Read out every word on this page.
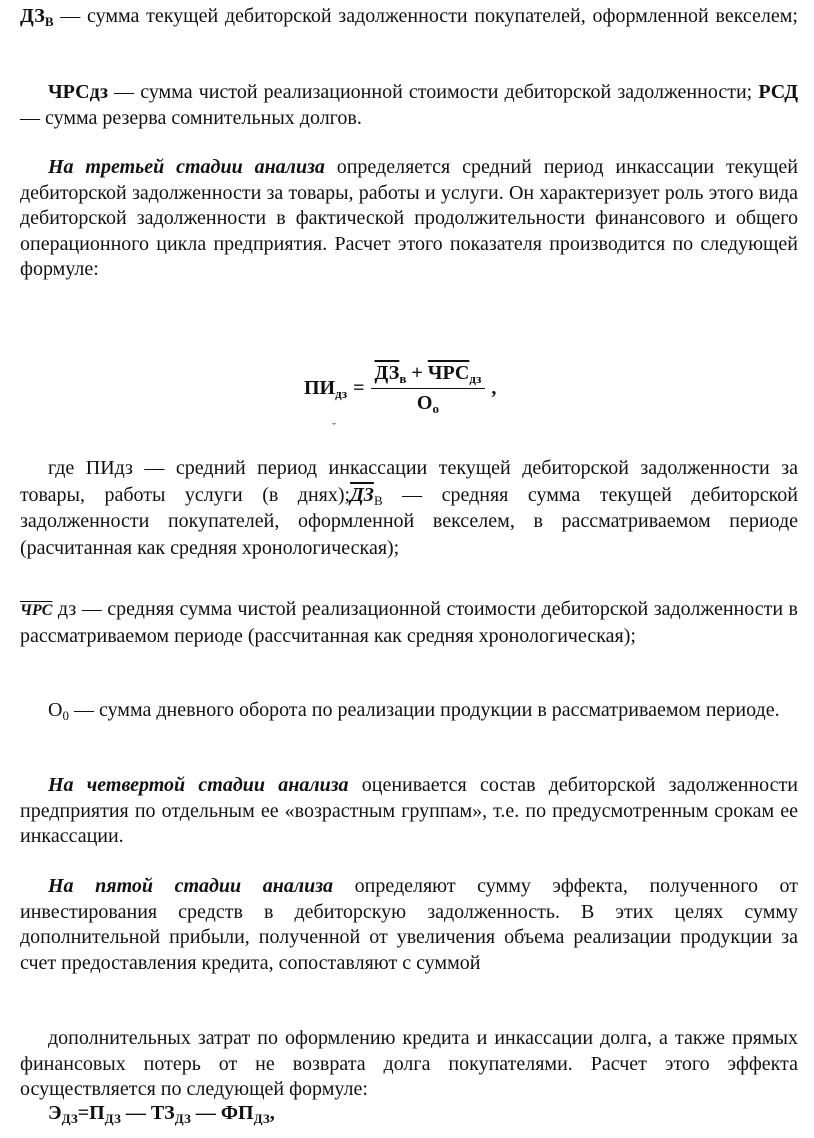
$ДЗ_В$ — сумма текущей дебиторской задолженности покупателей, оформленной векселем;

ЧРСдз — сумма чистой реализационной стоимости дебиторской задолженности; РСД — сумма резерва сомнительных долгов.

На третьей стадии анализа определяется средний период инкассации текущей дебиторской задолженности за товары, работы и услуги. Он характеризует роль этого вида дебиторской задолженности в фактической продолжительности финансового и общего операционного цикла предприятия. Расчет этого показателя производится по следующей формуле:

$ПИ_{дз} = \frac{ДЗ_в + ЧРС_{дз}}{О_о}$ ,
ˇ

где ПИдз — средний период инкассации текущей дебиторской задолженности за товары, работы услуги (в $днях);ДЗ_В$ — средняя сумма текущей дебиторской задолженности покупателей, оформленной векселем, в рассматриваемом периоде (расчитанная как средняя хронологическая);

ЧРС дз — средняя сумма чистой реализационной стоимости дебиторской задолженности в рассматриваемом периоде (рассчитанная как средняя хронологическая);

$О_0$ — сумма дневного оборота по реализации продукции в рассматриваемом периоде.

На четвертой стадии анализа оценивается состав дебиторской задолженности предприятия по отдельным ее «возрастным группам», т.е. по предусмотренным срокам ее инкассации.

На пятой стадии анализа определяют сумму эффекта, полученного от инвестирования средств в дебиторскую задолженность. В этих целях сумму дополнительной прибыли, полученной от увеличения объема реализации продукции за счет предоставления кредита, сопоставляют с суммой

дополнительных затрат по оформлению кредита и инкассации долга, а также прямых финансовых потерь от не возврата долга покупателями. Расчет этого эффекта осуществляется по следующей формуле:

$Э_{ДЗ}=П_{ДЗ}$ — $ТЗ_{ДЗ}$ — $ФП_{ДЗ}$,
